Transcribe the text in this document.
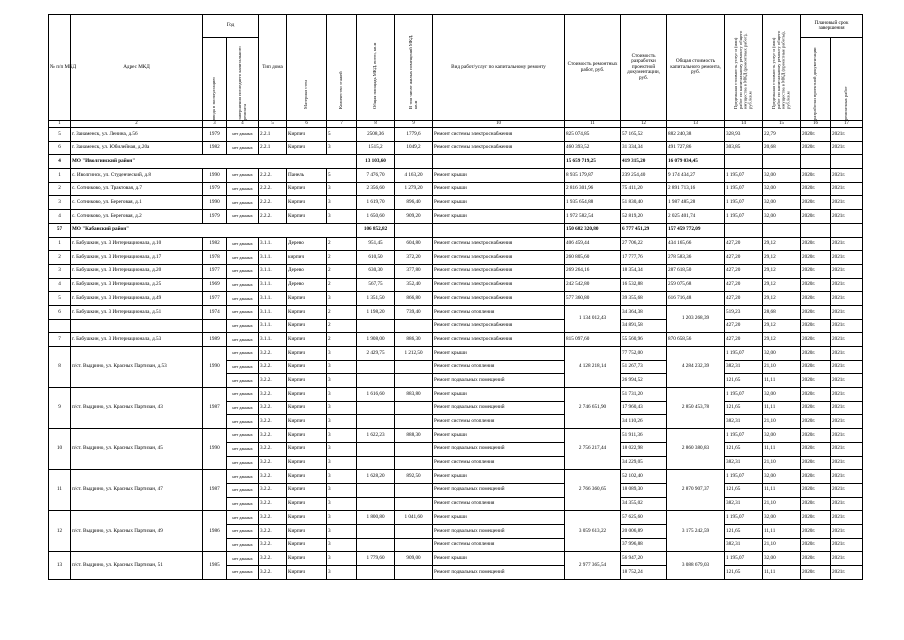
№ п/п МКД	Адрес МКД	Год		Тип дома	Материал стен	Количество этажей	Общая площадь МКД, всего, кв.м	В том числе жилых помещений МКД, кв.м	Вид работ/услуг по капитальному ремонту	Стоимость ремонтных работ, руб.	Стоимость разработки проектной документации, руб.	Общая стоимость капитального ремонта, руб.	Предельная стоимость услуг и (или) работ по капитальному ремонту общего имущества в МКД (ремонтных работ), руб./кв.м	Предельная стоимость услуг и (или) работ по капитальному ремонту общего имущества в МКД (проектные работы), руб./кв.м	Плановый срок завершения	

		ввода в эксплуатацию	завершения последнего капитального ремонта												разработки проектной документации	ремонтных работ

1	2	3	4	5	6	7	8	9	10	11	12	13	14	15	16	17
5	г. Заиаменск, ул. Ленина, д.56	1979	нет данных	2.2.1	Кирпич	5	2508,36	1779,6	Ремонт системы электроснабжения	825 074,85	57 165,52	882 240,38	328,93	22,79	2020г.	2021г.
6	г. Заиаменск, ул. Юбилейная, д.20а	1982	нет данных	2.2.1	Кирпич	3	1515,2	1049,2	Ремонт системы электроснабжения	460 393,52	31 334,34	491 727,86	303,85	20,68	2020г.	2021г.
4	МО "Иволгинский район"						13 103,60			15 659 719,25	419 315,20	16 079 034,45				
1	с. Иволгинск, ул. Студенческий, д.8	1990	нет данных	2.2.2.	Панель	5	7 476,70	4 163,20	Ремонт крыши	8 935 179,87	239 254,40	9 174 434,27	1 195,07	32,00	2020г.	2021г.
2	с. Сотниково, ул. Трактовая, д.7	1979	нет данных	2.2.2.	Кирпич	3	2 356,60	1 279,20	Ремонт крыши	2 816 301,96	75 411,20	2 891 713,16	1 195,07	32,00	2020г.	2021г.
3	с. Сотниково, ул. Береговая, д.1	1990	нет данных	2.2.2.	Кирпич	3	1 619,70	896,40	Ремонт крыши	1 935 654,88	51 830,40	1 987 485,28	1 195,07	32,00	2020г.	2021г.
4	с. Сотниково, ул. Береговая, д.2	1979	нет данных	2.2.2.	Кирпич	3	1 650,60	909,20	Ремонт крыши	1 972 582,54	52 819,20	2 025 401,74	1 195,07	32,00	2020г.	2021г.
57	МО "Кабанский район"						106 852,82			150 682 320,80	6 777 451,29	157 459 772,09				
1	г. Бабушкин, ул. 3 Интернационала, д.10	1982	нет данных	3.1.1.	Дерево	2	951,45	604,80	Ремонт системы электроснабжения	406 459,44	27 706,22	434 165,66	427,20	29,12	2020г.	2021г.
2	г. Бабушкин, ул. 3 Интернационала, д.17	1978	нет данных	3.1.1.	кирпич	2	610,50	372,20	Ремонт системы электроснабжения	260 805,60	17 777,76	278 583,36	427,20	29,12	2020г.	2021г.
3	г. Бабушкин, ул. 3 Интернационала, д.20	1977	нет данных	3.1.1.	Дерево	2	630,30	377,80	Ремонт системы электроснабжения	269 264,16	18 354,34	287 618,50	427,20	29,12	2020г.	2021г.
4	г. Бабушкин, ул. 3 Интернационала, д.25	1969	нет данных	3.1.1.	Дерево	2	567,75	352,40	Ремонт системы электроснабжения	242 542,80	16 532,88	259 075,68	427,20	29,12	2020г.	2021г.
5	г. Бабушкин, ул. 3 Интернационала, д.49	1977	нет данных	3.1.1.	Кирпич	3	1 351,50	866,80	Ремонт системы электроснабжения	577 360,80	39 355,68	616 716,48	427,20	29,12	2020г.	2021г.
6	г. Бабушкин, ул. 3 Интернационала, д.51	1974	нет данных	3.1.1.	Кирпич	2	1 198,20	739,40	Ремонт системы отопления	1 134 012,43	34 364,38	1 203 268,39	519,23	28,68	2020г.	2021г.
			нет данных	3.1.1.	Кирпич	2			Ремонт системы электроснабжения		34 891,58		427,20	29,12	2020г.	2021г.
7	г. Бабушкин, ул. 3 Интернационала, д.53	1989	нет данных	3.1.1.	Кирпич	2	1 908,00	886,30	Ремонт системы электроснабжения	815 097,60	55 560,96	870 658,56	427,20	29,12	2020г.	2021г.
8	п/ст. Выдрино, ул. Красных Партизан, д.53	1990	нет данных	3.2.2.	Кирпич	3	2 429,75	1 212,50	Ремонт крыши	4 128 218,14	77 752,00	4 284 232,39	1 195,07	32,00	2020г.	2021г.
			нет данных	3.2.2.	Кирпич	3			Ремонт системы отопления		51 267,73		382,31	21,10	2020г.	2021г.
			нет данных	3.2.2.	Кирпич	3			Ремонт подвальных помещений		26 994,52		121,65	11,11	2020г.	2021г.
9	п/ст. Выдрино, ул. Красных Партизан, 43	1987	нет данных	3.2.2.	Кирпич	3	1 616,60	883,80	Ремонт крыши	2 746 651,90	51 731,20	2 850 453,78	1 195,07	32,00	2020г.	2021г.
			нет данных	3.2.2.	Кирпич	3			Ремонт подвальных помещений		17 960,43		121,65	11,11	2020г.	2021г.
			нет данных	3.2.2.	Кирпич	3			Ремонт системы отопления		34 110,26		382,31	21,10	2020г.	2021г.
10	п/ст. Выдрино, ул. Красных Партизан, 45	1990	нет данных	3.2.2.	Кирпич	3	1 622,23	888,30	Ремонт крыши	2 756 217,44	51 911,36	2 860 380,83	1 195,07	32,00	2020г.	2021г.
			нет данных	3.2.2.	Кирпич	3			Ремонт подвальных помещений		18 022,98		121,65	11,11	2020г.	2021г.
			нет данных	3.2.2.	Кирпич	3			Ремонт системы отопления		34 229,05		382,31	21,10	2020г.	2021г.
11	п/ст. Выдрино, ул. Красных Партизан, 47	1987	нет данных	3.2.2.	Кирпич	3	1 628,20	892,50	Ремонт крыши	2 766 360,65	52 102,40	2 870 907,37	1 195,07	32,00	2020г.	2021г.
			нет данных	3.2.2.	Кирпич	3			Ремонт подвальных помещений		18 089,30		121,65	11,11	2020г.	2021г.
			нет данных	3.2.2.	Кирпич	3			Ремонт системы отопления		34 355,02		382,31	21,10	2020г.	2021г.
12	п/ст. Выдрино, ул. Красных Партизан, 49	1986	нет данных	3.2.2.	Кирпич	3	1 800,80	1 041,60	Ремонт крыши	3 059 613,22	57 625,60	3 175 242,59	1 195,07	32,00	2020г.	2021г.
			нет данных	3.2.2.	Кирпич	3			Ремонт подвальных помещений		20 006,89		121,65	11,11	2020г.	2021г.
			нет данных	3.2.2.	Кирпич	3			Ремонт системы отопления		37 996,88		382,31	21,10	2020г.	2021г.
13	п/ст. Выдрино, ул. Красных Партизан, 51	1985	нет данных	3.2.2.	Кирпич	3	1 779,60	909,00	Ремонт крыши	2 977 365,54	56 947,20	3 088 679,03	1 195,07	32,00	2020г.	2021г.
			нет данных	3.2.2.	Кирпич	3			Ремонт подвальных помещений		18 752,24		121,65	11,11	2020г.	2021г.
